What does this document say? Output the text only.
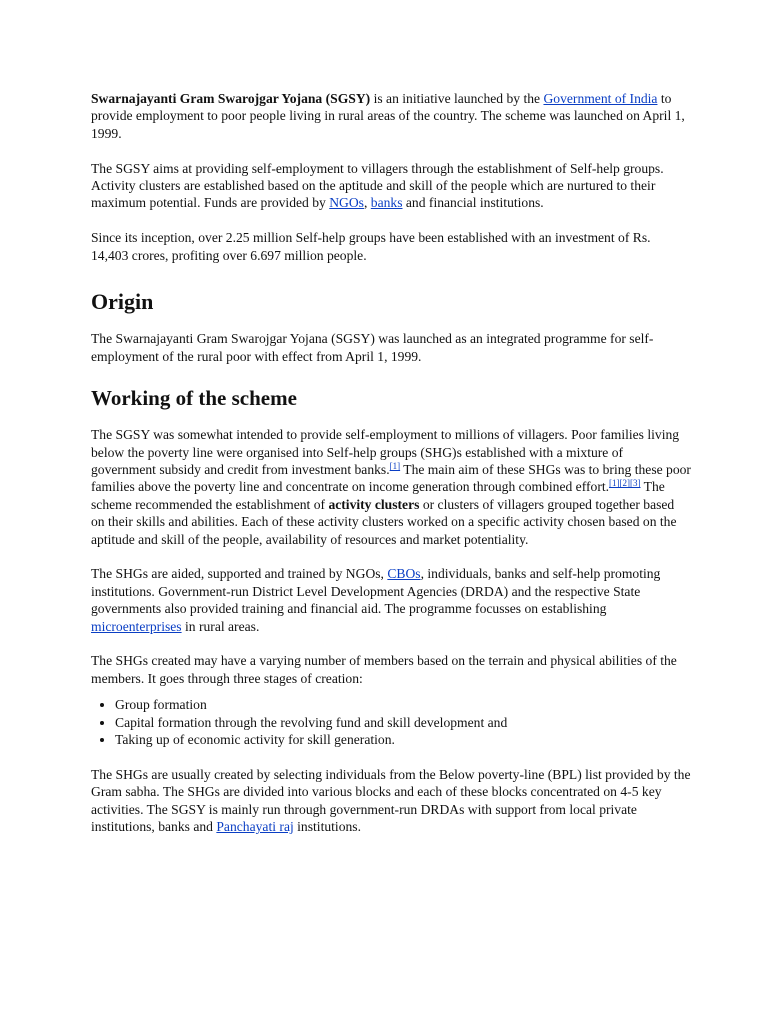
Swarnajayanti Gram Swarojgar Yojana (SGSY) is an initiative launched by the Government of India to provide employment to poor people living in rural areas of the country. The scheme was launched on April 1, 1999.

The SGSY aims at providing self-employment to villagers through the establishment of Self-help groups. Activity clusters are established based on the aptitude and skill of the people which are nurtured to their maximum potential. Funds are provided by NGOs, banks and financial institutions.

Since its inception, over 2.25 million Self-help groups have been established with an investment of Rs. 14,403 crores, profiting over 6.697 million people.

Origin

The Swarnajayanti Gram Swarojgar Yojana (SGSY) was launched as an integrated programme for self-employment of the rural poor with effect from April 1, 1999.

Working of the scheme

The SGSY was somewhat intended to provide self-employment to millions of villagers. Poor families living below the poverty line were organised into Self-help groups (SHG)s established with a mixture of government subsidy and credit from investment banks.[1] The main aim of these SHGs was to bring these poor families above the poverty line and concentrate on income generation through combined effort.[1][2][3] The scheme recommended the establishment of activity clusters or clusters of villagers grouped together based on their skills and abilities. Each of these activity clusters worked on a specific activity chosen based on the aptitude and skill of the people, availability of resources and market potentiality.

The SHGs are aided, supported and trained by NGOs, CBOs, individuals, banks and self-help promoting institutions. Government-run District Level Development Agencies (DRDA) and the respective State governments also provided training and financial aid. The programme focusses on establishing microenterprises in rural areas.

The SHGs created may have a varying number of members based on the terrain and physical abilities of the members. It goes through three stages of creation:

• Group formation
• Capital formation through the revolving fund and skill development and
• Taking up of economic activity for skill generation.

The SHGs are usually created by selecting individuals from the Below poverty-line (BPL) list provided by the Gram sabha. The SHGs are divided into various blocks and each of these blocks concentrated on 4-5 key activities. The SGSY is mainly run through government-run DRDAs with support from local private institutions, banks and Panchayati raj institutions.
